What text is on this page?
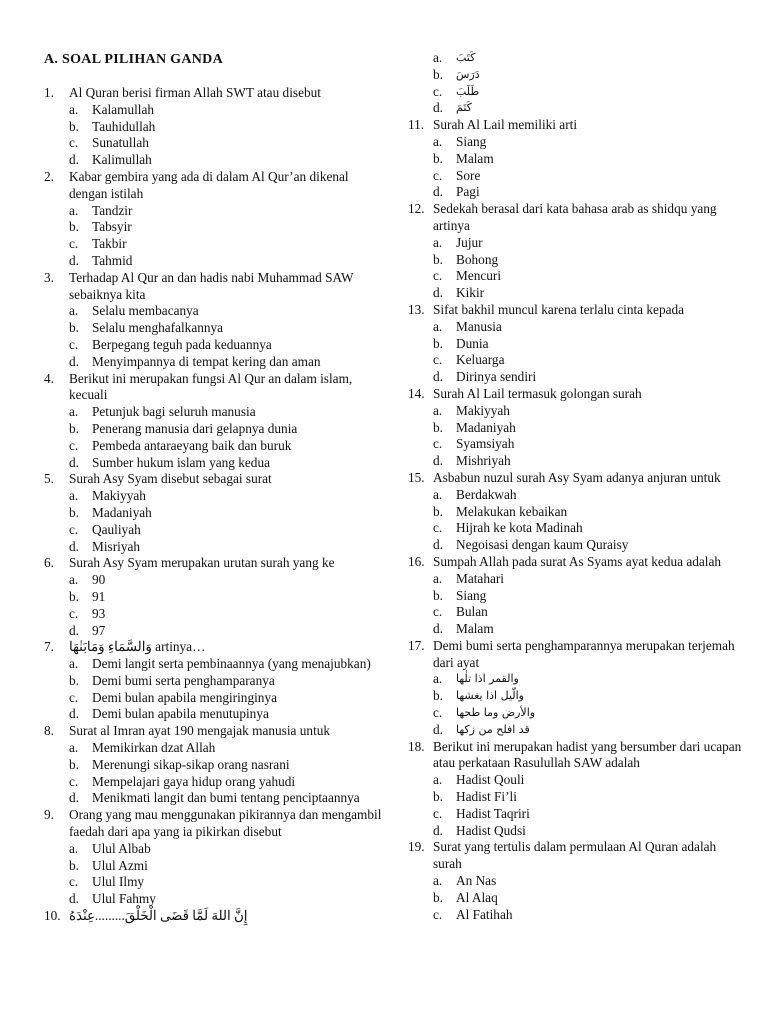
A. SOAL PILIHAN GANDA
1.	Al Quran berisi firman Allah SWT atau disebut
a.	Kalamullah
b. Tauhidullah
c.	Sunatullah
d. Kalimullah
2.	Kabar gembira yang ada di dalam Al Qur’an dikenal dengan istilah
a.	Tandzir
b. Tabsyir
c.	Takbir
d. Tahmid
3.	Terhadap Al Qur an dan hadis nabi Muhammad SAW sebaiknya kita
a.	Selalu membacanya
b. Selalu menghafalkannya
c.	Berpegang teguh pada keduannya
d. Menyimpannya di tempat kering dan aman
4.	Berikut ini merupakan fungsi Al Qur an dalam islam, kecuali
a.	Petunjuk bagi seluruh manusia
b. Penerang manusia dari gelapnya dunia
c.	Pembeda antaraeyang baik dan buruk
d. Sumber hukum islam yang kedua
5.	Surah Asy Syam disebut sebagai surat
a.	Makiyyah
b. Madaniyah
c.	Qauliyah
d. Misriyah
6.	Surah Asy Syam merupakan urutan surah yang ke
a.	90
b. 91
c.	93
d. 97
7.	وَالسَّمَاءِ وَمَابَنٰهَا artinya…
a.	Demi langit serta pembinaannya (yang menajubkan)
b. Demi bumi serta penghamparanya
c.	Demi bulan apabila mengiringinya
d. Demi bulan apabila menutupinya
8.	Surat al Imran ayat 190 mengajak manusia untuk
a.	Memikirkan dzat Allah
b. Merenungi sikap-sikap orang nasrani
c.	Mempelajari gaya hidup orang yahudi
d. Menikmati langit dan bumi tentang penciptaannya
9.	Orang yang mau menggunakan pikirannya dan mengambil faedah dari apa yang ia pikirkan disebut
a.	Ulul Albab
b. Ulul Azmi
c.	Ulul Ilmy
d. Ulul Fahmy
10. إِنَّ اللهَ لَمَّا قَضَى الْخَلْقَ.........عِنْدَهُ
a.	كَتَبَ
b.	دَرَسَ
c.	طَلَبَ
d.	كَتَمَ
11. Surah Al Lail memiliki arti
a.	Siang
b. Malam
c.	Sore
d. Pagi
12. Sedekah berasal dari kata bahasa arab as shidqu yang artinya
a.	Jujur
b. Bohong
c.	Mencuri
d. Kikir
13. Sifat bakhil muncul karena terlalu cinta kepada
a.	Manusia
b. Dunia
c.	Keluarga
d. Dirinya sendiri
14. Surah Al Lail termasuk golongan surah
a.	Makiyyah
b. Madaniyah
c.	Syamsiyah
d. Mishriyah
15. Asbabun nuzul surah Asy Syam adanya anjuran untuk
a.	Berdakwah
b. Melakukan kebaikan
c.	Hijrah ke kota Madinah
d. Negoisasi dengan kaum Quraisy
16. Sumpah Allah pada surat As Syams ayat kedua adalah
a.	Matahari
b. Siang
c.	Bulan
d. Malam
17. Demi bumi serta penghamparannya merupakan terjemah dari ayat
a.	والقمر اذا تلٰها
b.	والّيل اذا يغشها
c.	والأرض وما طحها
d.	قد افلح من زكها
18. Berikut ini merupakan hadist yang bersumber dari ucapan atau perkataan Rasulullah SAW adalah
a.	Hadist Qouli
b. Hadist Fi’li
c.	Hadist Taqriri
d. Hadist Qudsi
19. Surat yang tertulis dalam permulaan Al Quran adalah surah
a.	An Nas
b. Al Alaq
c.	Al Fatihah
